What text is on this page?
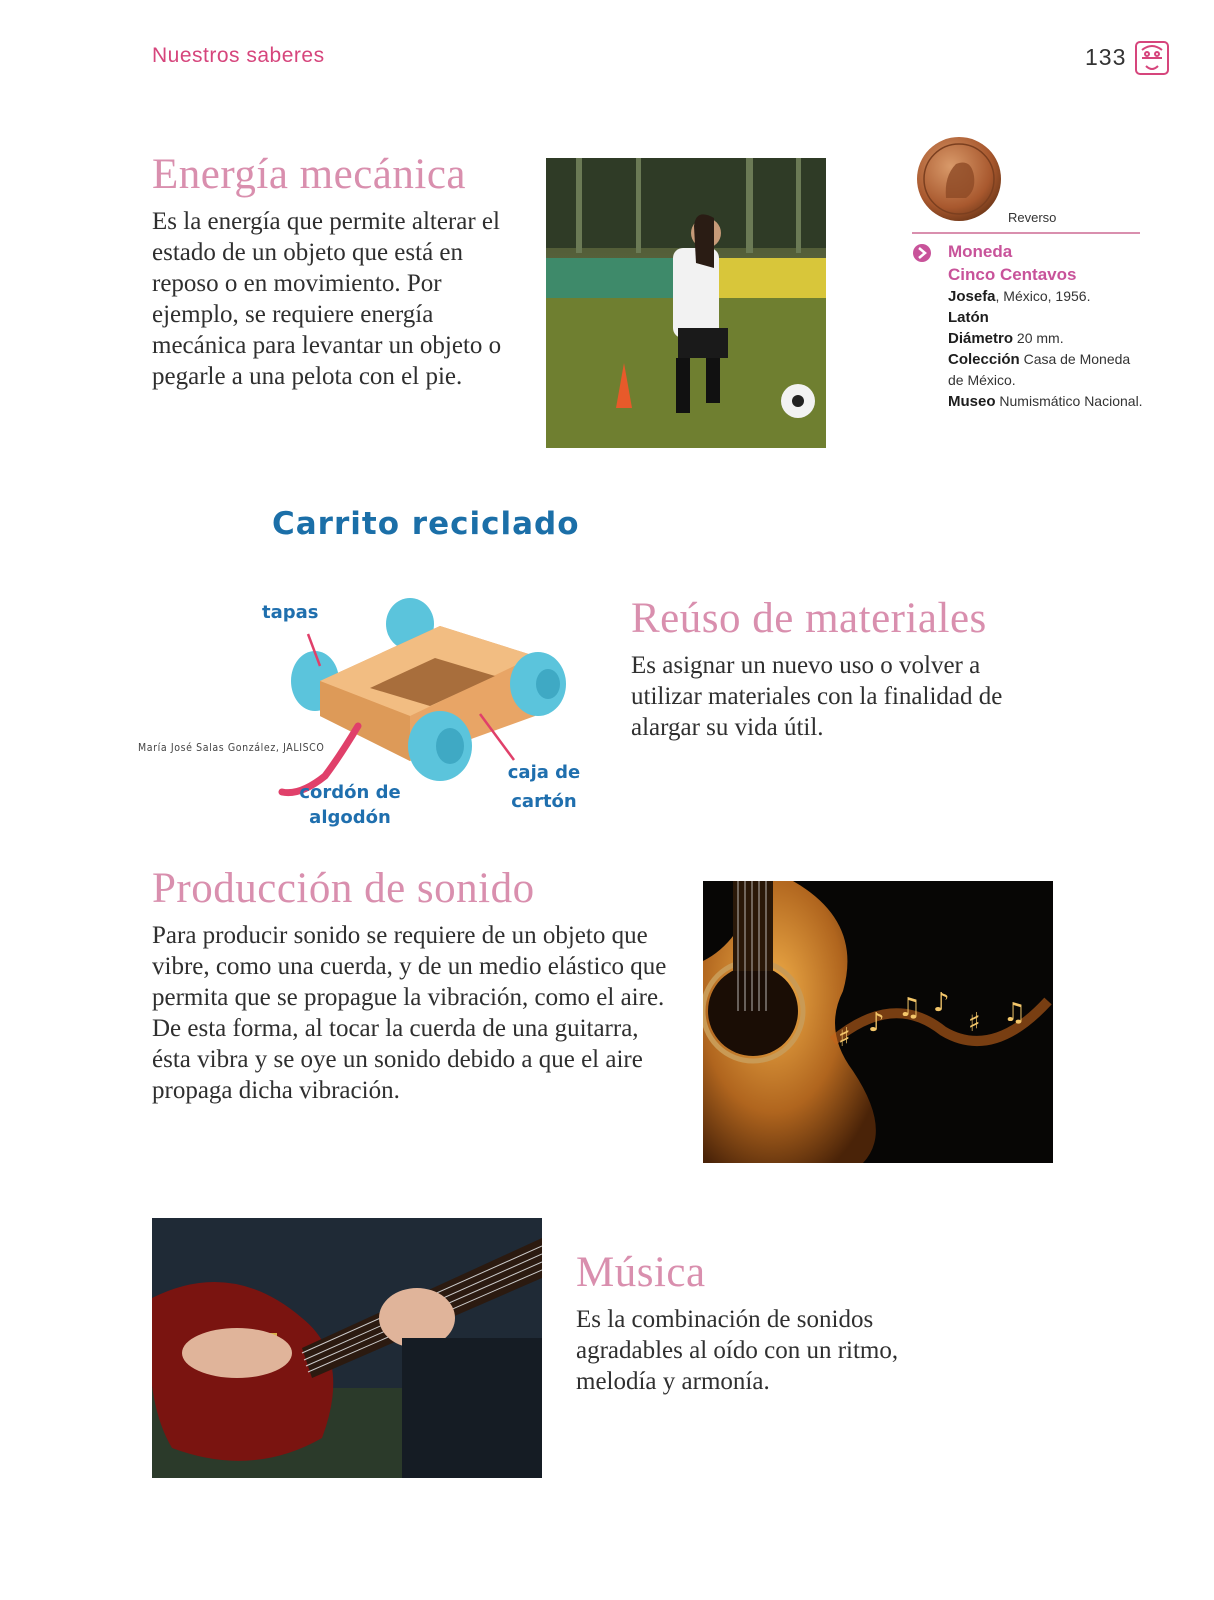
Nuestros saberes	133
Energía mecánica

Es la energía que permite alterar el estado de un objeto que está en reposo o en movimiento. Por ejemplo, se requiere energía mecánica para levantar un objeto o pegarle a una pelota con el pie.

Reverso
Moneda
Cinco Centavos
Josefa, México, 1956.
Latón
Diámetro 20 mm.
Colección Casa de Moneda de México.
Museo Numismático Nacional.
Carrito reciclado
tapas
cordón de
algodón
caja de
cartón
María José Salas González, JALISCO
Reúso de materiales

Es asignar un nuevo uso o volver a utilizar materiales con la finalidad de alargar su vida útil.

Producción de sonido

Para producir sonido se requiere de un objeto que vibre, como una cuerda, y de un medio elástico que permita que se propague la vibración, como el aire. De esta forma, al tocar la cuerda de una guitarra, ésta vibra y se oye un sonido debido a que el aire propaga dicha vibración.

♯ ♪ ♫ ♪
♯ ♫
Música

Es la combinación de sonidos agradables al oído con un ritmo, melodía y armonía.
